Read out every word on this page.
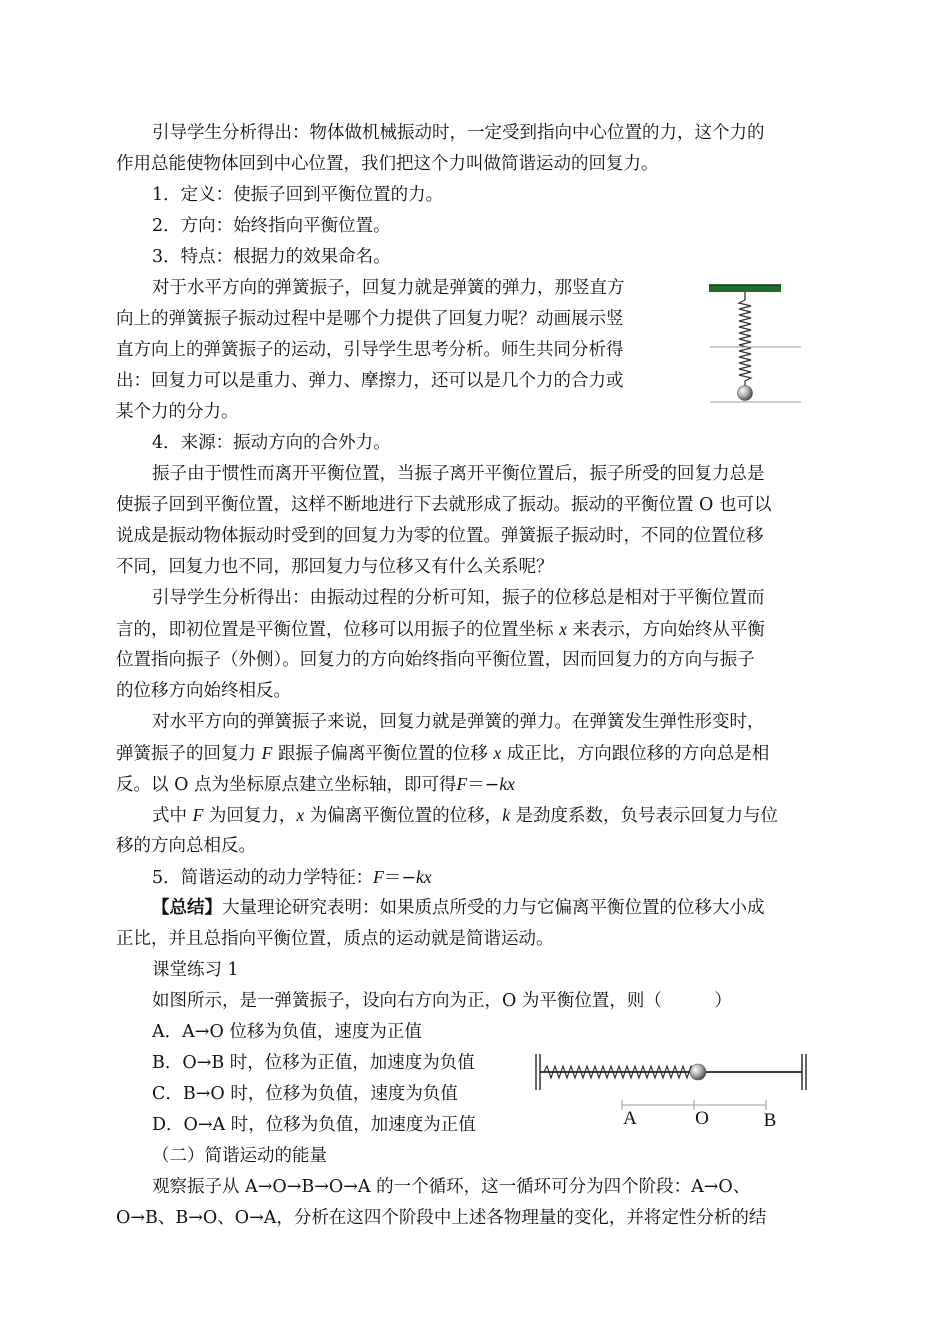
引导学生分析得出：物体做机械振动时，一定受到指向中心位置的力，这个力的

作用总能使物体回到中心位置，我们把这个力叫做简谐运动的回复力。

1．定义：使振子回到平衡位置的力。

2．方向：始终指向平衡位置。

3．特点：根据力的效果命名。

对于水平方向的弹簧振子，回复力就是弹簧的弹力，那竖直方

向上的弹簧振子振动过程中是哪个力提供了回复力呢？动画展示竖

直方向上的弹簧振子的运动，引导学生思考分析。师生共同分析得

出：回复力可以是重力、弹力、摩擦力，还可以是几个力的合力或

某个力的分力。

4．来源：振动方向的合外力。

振子由于惯性而离开平衡位置，当振子离开平衡位置后，振子所受的回复力总是

使振子回到平衡位置，这样不断地进行下去就形成了振动。振动的平衡位置 O 也可以

说成是振动物体振动时受到的回复力为零的位置。弹簧振子振动时，不同的位置位移

不同，回复力也不同，那回复力与位移又有什么关系呢？

引导学生分析得出：由振动过程的分析可知，振子的位移总是相对于平衡位置而

言的，即初位置是平衡位置，位移可以用振子的位置坐标 x 来表示，方向始终从平衡

位置指向振子（外侧）。回复力的方向始终指向平衡位置，因而回复力的方向与振子

的位移方向始终相反。

对水平方向的弹簧振子来说，回复力就是弹簧的弹力。在弹簧发生弹性形变时，

弹簧振子的回复力 F 跟振子偏离平衡位置的位移 x 成正比，方向跟位移的方向总是相

反。以 O 点为坐标原点建立坐标轴，即可得F＝−kx

式中 F 为回复力，x 为偏离平衡位置的位移，k 是劲度系数，负号表示回复力与位

移的方向总相反。

5．简谐运动的动力学特征：F＝−kx

【总结】大量理论研究表明：如果质点所受的力与它偏离平衡位置的位移大小成

正比，并且总指向平衡位置，质点的运动就是简谐运动。

课堂练习 1

如图所示，是一弹簧振子，设向右方向为正，O 为平衡位置，则（　　　）

A．A→O 位移为负值，速度为正值

B．O→B 时，位移为正值，加速度为负值

C．B→O 时，位移为负值，速度为负值

D．O→A 时，位移为负值，加速度为正值	A	O	B

（二）简谐运动的能量

观察振子从 A→O→B→O→A 的一个循环，这一循环可分为四个阶段：A→O、

O→B、B→O、O→A，分析在这四个阶段中上述各物理量的变化，并将定性分析的结
